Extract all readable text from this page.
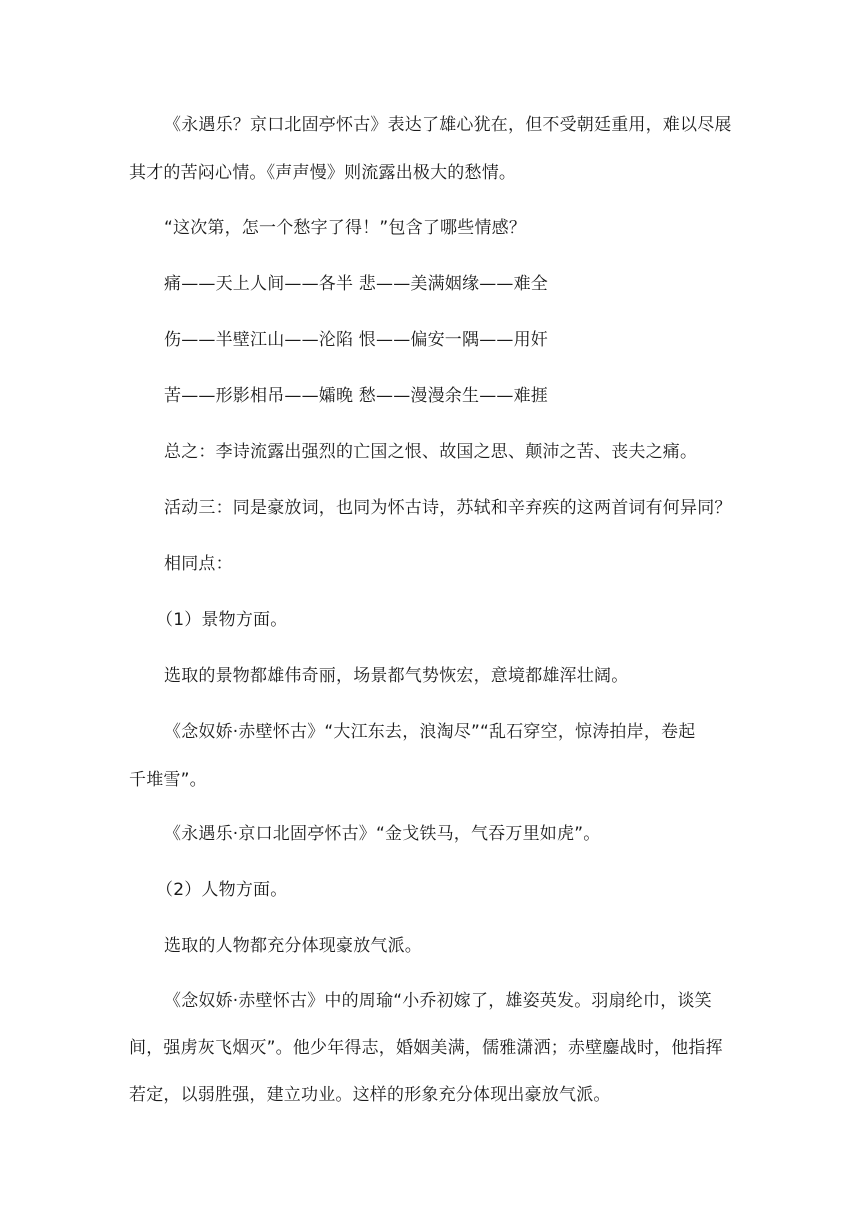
《永遇乐？京口北固亭怀古》表达了雄心犹在，但不受朝廷重用，难以尽展
其才的苦闷心情。《声声慢》则流露出极大的愁情。
“这次第，怎一个愁字了得！”包含了哪些情感？
痛——天上人间——各半 悲——美满姻缘——难全
伤——半壁江山——沦陷 恨——偏安一隅——用奸
苦——形影相吊——孀晚 愁——漫漫余生——难捱
总之：李诗流露出强烈的亡国之恨、故国之思、颠沛之苦、丧夫之痛。
活动三：同是豪放词，也同为怀古诗，苏轼和辛弃疾的这两首词有何异同？
相同点：
（1）景物方面。
选取的景物都雄伟奇丽，场景都气势恢宏，意境都雄浑壮阔。
《念奴娇·赤壁怀古》“大江东去，浪淘尽”“乱石穿空，惊涛拍岸，卷起
千堆雪”。
《永遇乐·京口北固亭怀古》“金戈铁马，气吞万里如虎”。
（2）人物方面。
选取的人物都充分体现豪放气派。
《念奴娇·赤壁怀古》中的周瑜“小乔初嫁了，雄姿英发。羽扇纶巾，谈笑
间，强虏灰飞烟灭”。他少年得志，婚姻美满，儒雅潇洒；赤壁鏖战时，他指挥
若定，以弱胜强，建立功业。这样的形象充分体现出豪放气派。
